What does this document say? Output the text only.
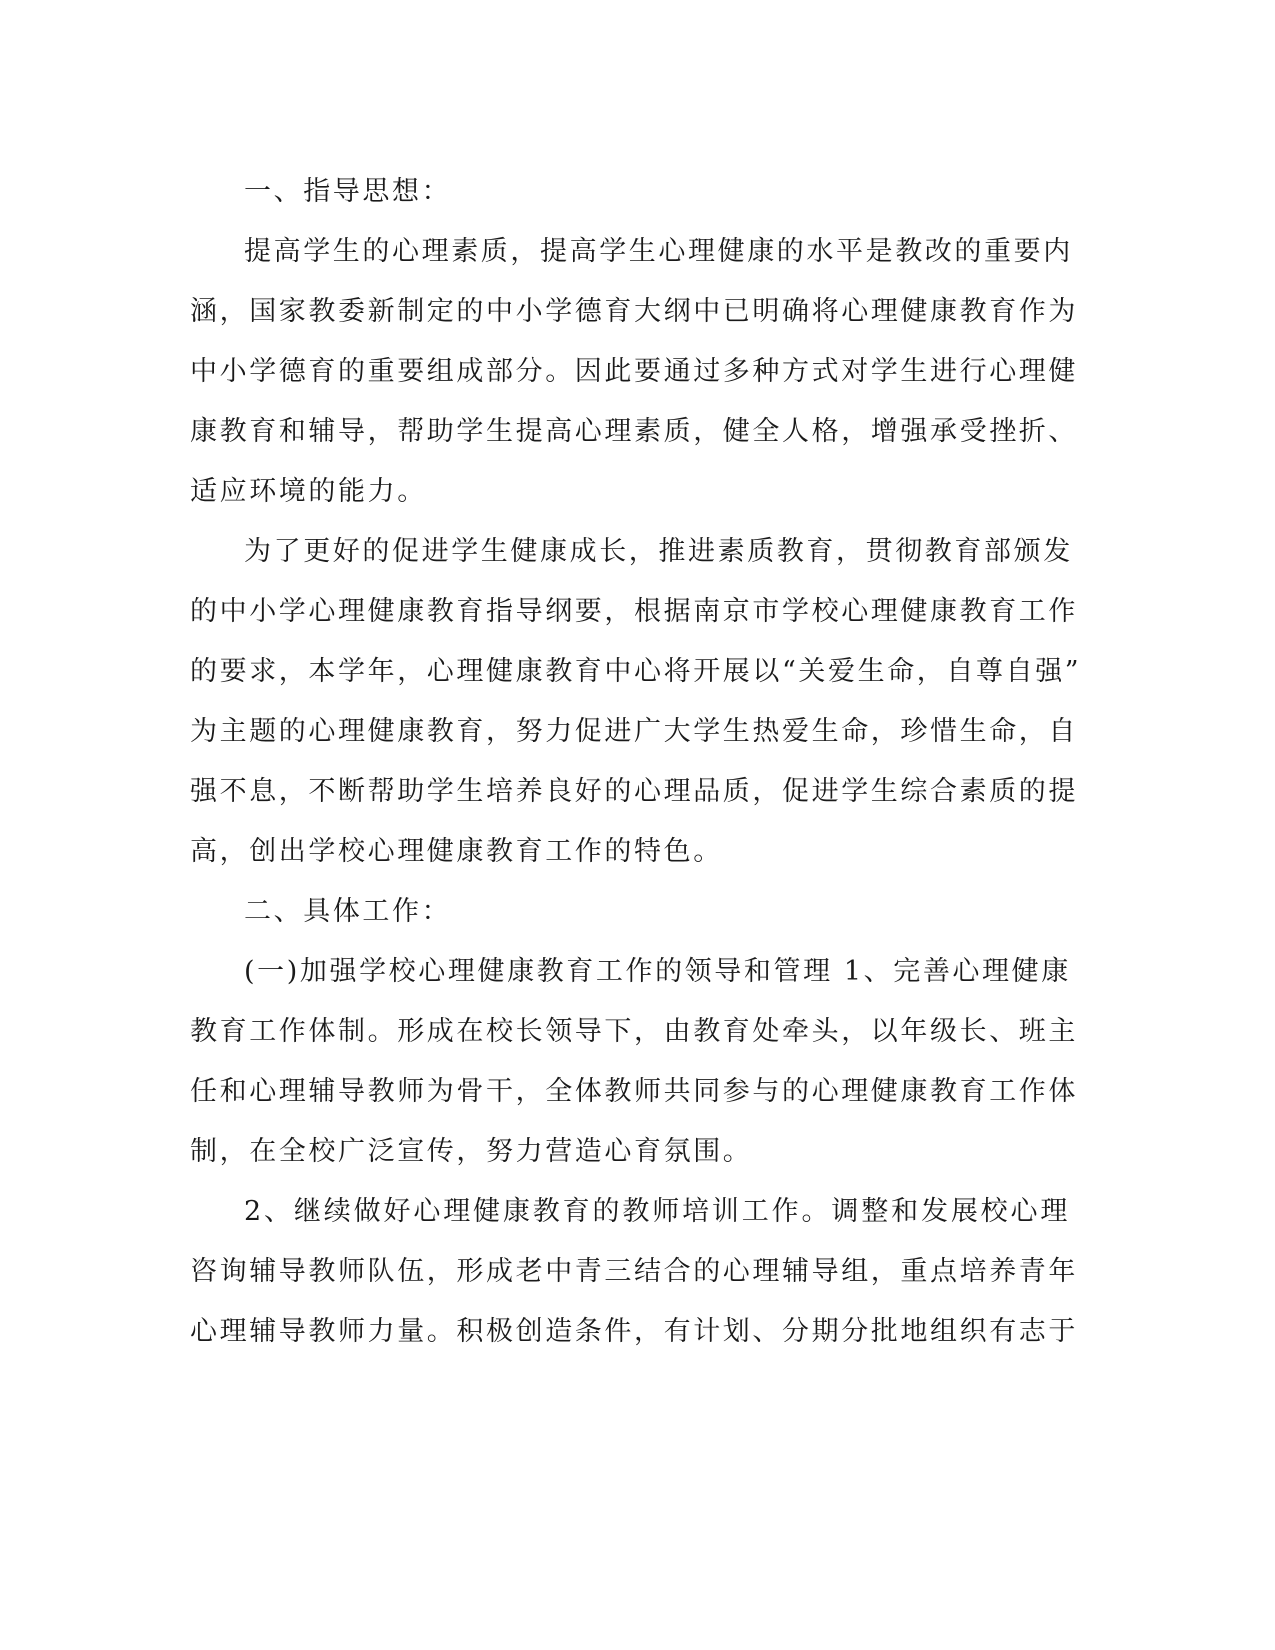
一、指导思想：

提高学生的心理素质，提高学生心理健康的水平是教改的重要内
涵，国家教委新制定的中小学德育大纲中已明确将心理健康教育作为
中小学德育的重要组成部分。因此要通过多种方式对学生进行心理健
康教育和辅导，帮助学生提高心理素质，健全人格，增强承受挫折、
适应环境的能力。

为了更好的促进学生健康成长，推进素质教育，贯彻教育部颁发
的中小学心理健康教育指导纲要，根据南京市学校心理健康教育工作
的要求，本学年，心理健康教育中心将开展以“关爱生命，自尊自强”
为主题的心理健康教育，努力促进广大学生热爱生命，珍惜生命，自
强不息，不断帮助学生培养良好的心理品质，促进学生综合素质的提
高，创出学校心理健康教育工作的特色。

二、具体工作：

(一)加强学校心理健康教育工作的领导和管理 1、完善心理健康
教育工作体制。形成在校长领导下，由教育处牵头，以年级长、班主
任和心理辅导教师为骨干，全体教师共同参与的心理健康教育工作体
制，在全校广泛宣传，努力营造心育氛围。

2、继续做好心理健康教育的教师培训工作。调整和发展校心理
咨询辅导教师队伍，形成老中青三结合的心理辅导组，重点培养青年
心理辅导教师力量。积极创造条件，有计划、分期分批地组织有志于
